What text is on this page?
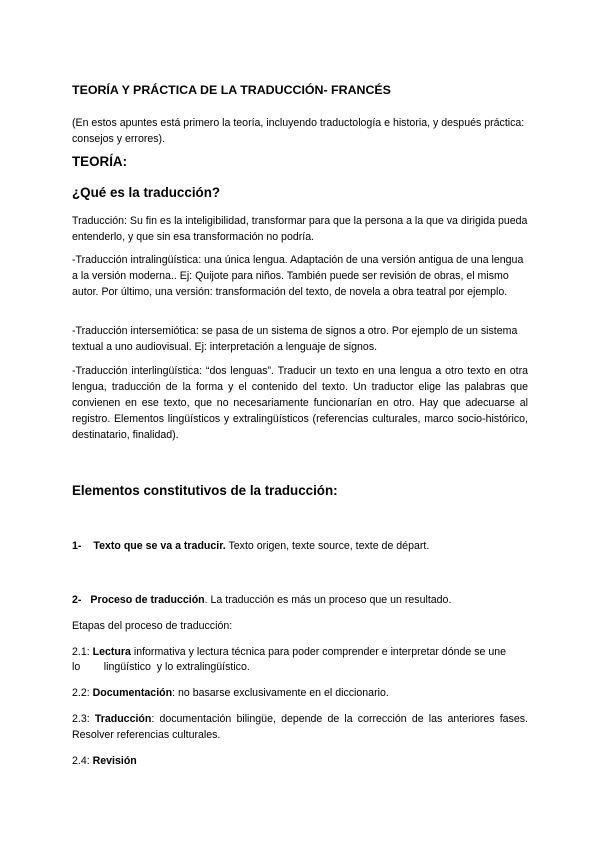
TEORÍA Y PRÁCTICA DE LA TRADUCCIÓN- FRANCÉS
(En estos apuntes está primero la teoría, incluyendo traductología e historia, y después práctica: consejos y errores).
TEORÍA:
¿Qué es la traducción?
Traducción: Su fin es la inteligibilidad, transformar para que la persona a la que va dirigida pueda entenderlo, y que sin esa transformación no podría.
-Traducción intralingüística: una única lengua. Adaptación de una versión antigua de una lengua a la versión moderna.. Ej: Quijote para niños. También puede ser revisión de obras, el mismo autor. Por último, una versión: transformación del texto, de novela a obra teatral por ejemplo.
-Traducción intersemiótica: se pasa de un sistema de signos a otro. Por ejemplo de un sistema textual a uno audiovisual. Ej: interpretación a lenguaje de signos.
-Traducción interlingüística: “dos lenguas”. Traducir un texto en una lengua a otro texto en otra lengua, traducción de la forma y el contenido del texto. Un traductor elige las palabras que convienen en ese texto, que no necesariamente funcionarían en otro. Hay que adecuarse al registro. Elementos lingüísticos y extralingüísticos (referencias culturales, marco socio-histórico, destinatario, finalidad).
Elementos constitutivos de la traducción:
1- Texto que se va a traducir. Texto origen, texte source, texte de départ.
2- Proceso de traducción. La traducción es más un proceso que un resultado.
Etapas del proceso de traducción:
2.1: Lectura informativa y lectura técnica para poder comprender e interpretar dónde se une
lo        lingüístico  y lo extralingüístico.
2.2: Documentación: no basarse exclusivamente en el diccionario.
2.3: Traducción: documentación bilingüe, depende de la corrección de las anteriores fases. Resolver referencias culturales.
2.4: Revisión
